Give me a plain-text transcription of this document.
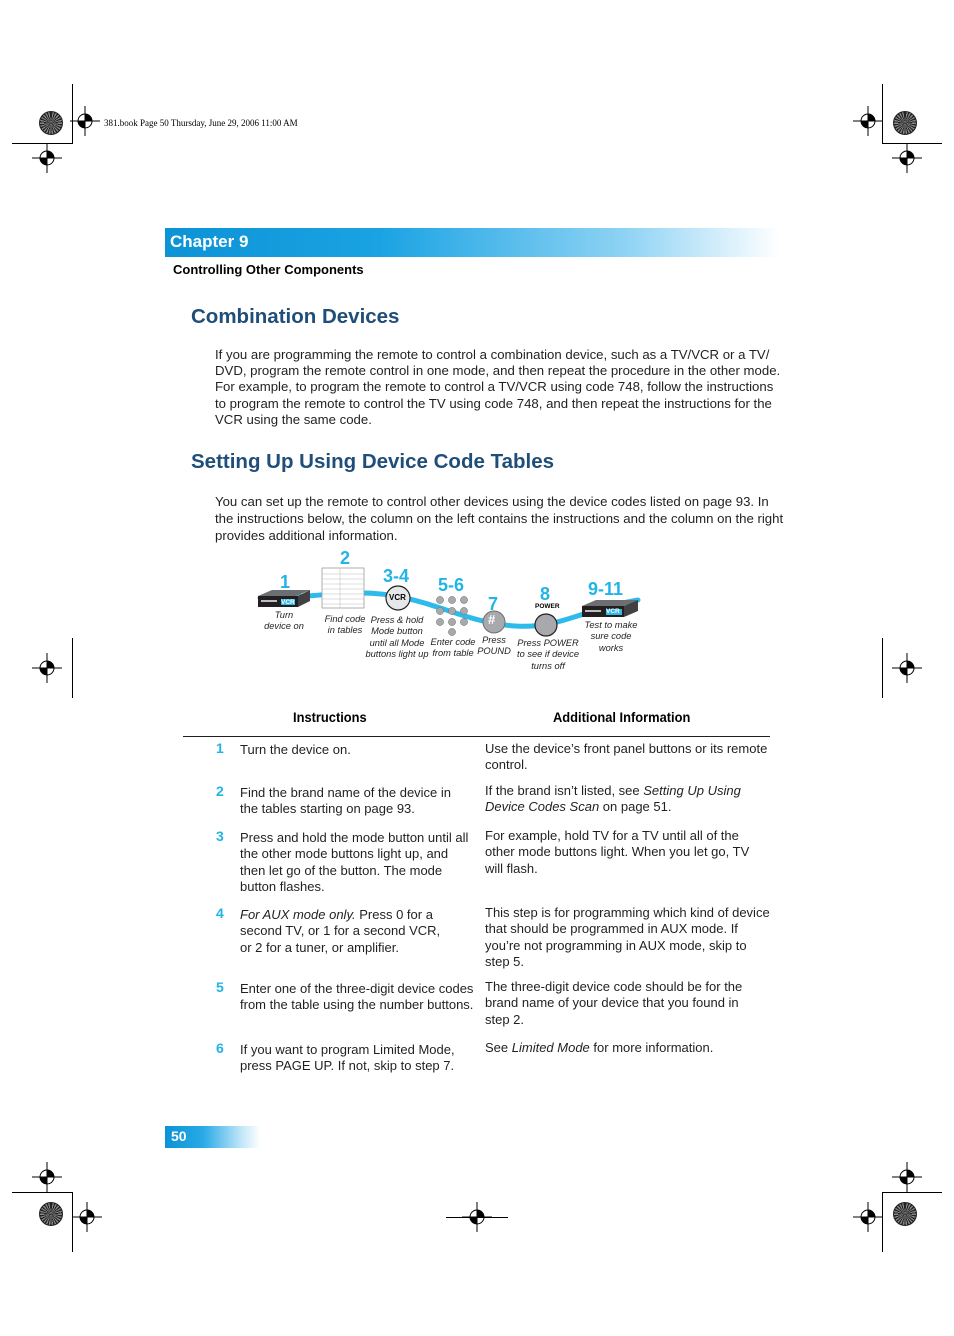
381.book Page 50 Thursday, June 29, 2006 11:00 AM
Chapter 9
Controlling Other Components
Combination Devices
If you are programming the remote to control a combination device, such as a TV/VCR or a TV/ DVD, program the remote control in one mode, and then repeat the procedure in the other mode. For example, to program the remote to control a TV/VCR using code 748, follow the instructions to program the remote to control the TV using code 748, and then repeat the instructions for the VCR using the same code.
Setting Up Using Device Code Tables
You can set up the remote to control other devices using the device codes listed on page 93. In the instructions below, the column on the left contains the instructions and the column on the right provides additional information.
VCR
VCR
#
POWER
VCR
1
2
3-4 5-6
7 8 9-11
Turn device on
Find code in tables
Press & hold Mode button until all Mode buttons light up
Enter code from table
Press POUND
Press POWER to see if device turns off
Test to make sure code works
Instructions	Additional Information
1 Turn the device on.	Use the device’s front panel buttons or its remote control.
2 Find the brand name of the device in the tables starting on page 93.
If the brand isn’t listed, see Setting Up Using Device Codes Scan on page 51.
3 Press and hold the mode button until all the other mode buttons light up, and then let go of the button. The mode button flashes.
For example, hold TV for a TV until all of the other mode buttons light. When you let go, TV will flash.
4 For AUX mode only. Press 0 for a second TV, or 1 for a second VCR, or 2 for a tuner, or amplifier.
This step is for programming which kind of device that should be programmed in AUX mode. If you’re not programming in AUX mode, skip to step 5.
5 Enter one of the three-digit device codes from the table using the number buttons.
The three-digit device code should be for the brand name of your device that you found in step 2.
6 If you want to program Limited Mode, press PAGE UP. If not, skip to step 7.
See Limited Mode for more information.
50
